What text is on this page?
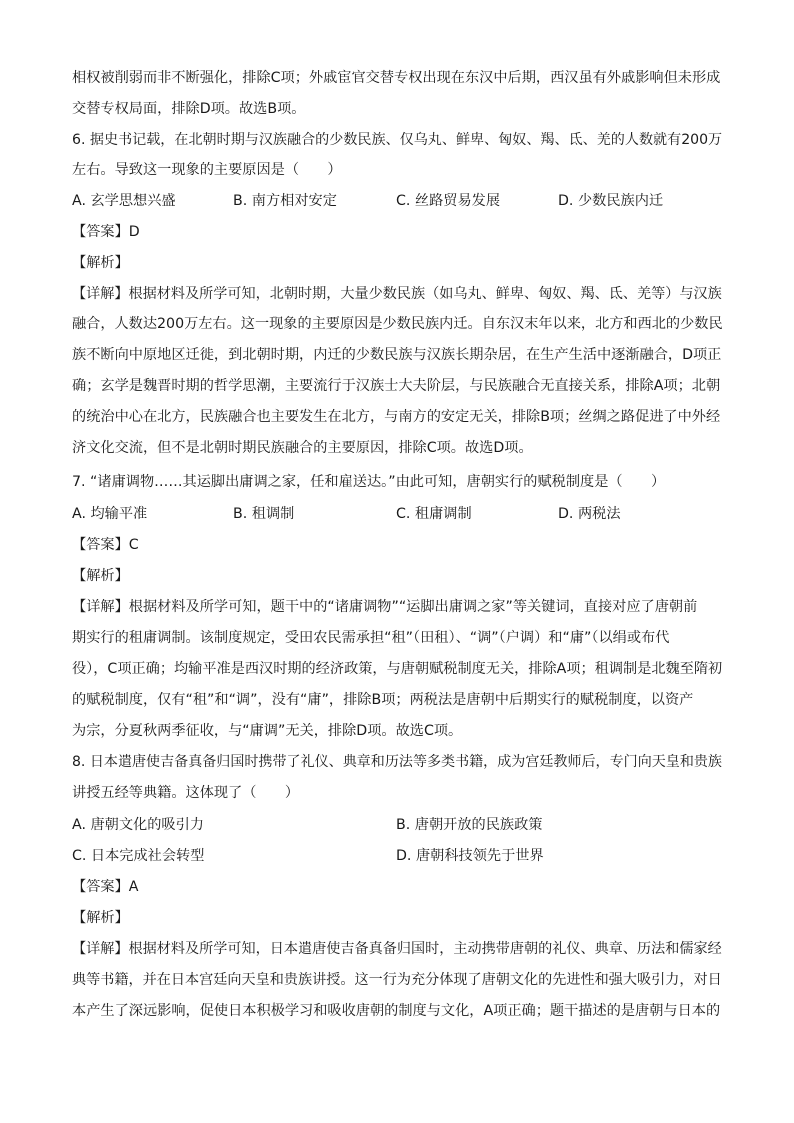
相权被削弱而非不断强化，排除C项；外戚宦官交替专权出现在东汉中后期，西汉虽有外戚影响但未形成
交替专权局面，排除D项。故选B项。
6. 据史书记载，在北朝时期与汉族融合的少数民族、仅乌丸、鲜卑、匈奴、羯、氐、羌的人数就有200万
左右。导致这一现象的主要原因是（　　）
A. 玄学思想兴盛	B. 南方相对安定	C. 丝路贸易发展	D. 少数民族内迁
【答案】D
【解析】
【详解】根据材料及所学可知，北朝时期，大量少数民族（如乌丸、鲜卑、匈奴、羯、氐、羌等）与汉族
融合，人数达200万左右。这一现象的主要原因是少数民族内迁。自东汉末年以来，北方和西北的少数民
族不断向中原地区迁徙，到北朝时期，内迁的少数民族与汉族长期杂居，在生产生活中逐渐融合，D项正
确；玄学是魏晋时期的哲学思潮，主要流行于汉族士大夫阶层，与民族融合无直接关系，排除A项；北朝
的统治中心在北方，民族融合也主要发生在北方，与南方的安定无关，排除B项；丝绸之路促进了中外经
济文化交流，但不是北朝时期民族融合的主要原因，排除C项。故选D项。
7. “诸庸调物……其运脚出庸调之家，任和雇送达。”由此可知，唐朝实行的赋税制度是（　　）
A. 均输平准	B. 租调制	C. 租庸调制	D. 两税法
【答案】C
【解析】
【详解】根据材料及所学可知，题干中的“诸庸调物”“运脚出庸调之家”等关键词，直接对应了唐朝前
期实行的租庸调制。该制度规定，受田农民需承担“租”（田租）、“调”（户调）和“庸”（以绢或布代
役），C项正确；均输平准是西汉时期的经济政策，与唐朝赋税制度无关，排除A项；租调制是北魏至隋初
的赋税制度，仅有“租”和“调”，没有“庸”，排除B项；两税法是唐朝中后期实行的赋税制度，以资产
为宗，分夏秋两季征收，与“庸调”无关，排除D项。故选C项。
8. 日本遣唐使吉备真备归国时携带了礼仪、典章和历法等多类书籍，成为宫廷教师后，专门向天皇和贵族
讲授五经等典籍。这体现了（　　）
A. 唐朝文化的吸引力	B. 唐朝开放的民族政策
C. 日本完成社会转型	D. 唐朝科技领先于世界
【答案】A
【解析】
【详解】根据材料及所学可知，日本遣唐使吉备真备归国时，主动携带唐朝的礼仪、典章、历法和儒家经
典等书籍，并在日本宫廷向天皇和贵族讲授。这一行为充分体现了唐朝文化的先进性和强大吸引力，对日
本产生了深远影响，促使日本积极学习和吸收唐朝的制度与文化，A项正确；题干描述的是唐朝与日本的
